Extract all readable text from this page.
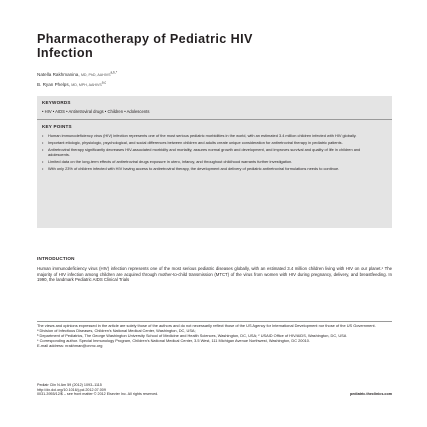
Pharmacotherapy of Pediatric HIV
Infection
Natella Rakhmanina, MD, PhD, $AAHIVS^{a,b,*}$
B. Ryan Phelps, MD, MPH, AAHIVS$^{a,c}$
KEYWORDS
• HIV • AIDS • Antiretroviral drugs • Children • Adolescents
KEY POINTS
• Human immunodeficiency virus (HIV) infection represents one of the most serious pediatric morbidities in the world, with an estimated 3.4 million children infected with HIV globally.
• Important etiologic, physiologic, psychological, and social differences between children and adults create unique consideration for antiretroviral therapy in pediatric patients.
• Antiretroviral therapy significantly decreases HIV-associated morbidity and mortality, assures normal growth and development, and improves survival and quality of life in children and adolescents.
• Limited data on the long-term effects of antiretroviral drugs exposure in utero, infancy, and throughout childhood warrants further investigation.
• With only 23% of children infected with HIV having access to antiretroviral therapy, the development and delivery of pediatric antiretroviral formulations needs to continue.
INTRODUCTION

Human immunodeficiency virus (HIV) infection represents one of the most serious pediatric diseases globally, with an estimated 3.4 million children living with HIV on our planet.¹ The majority of HIV infection among children are acquired through mother-to-child transmission (MTCT) of the virus from women with HIV during pregnancy, delivery, and breastfeeding. In 1990, the landmark Pediatric AIDS Clinical Trials

The views and opinions expressed in the article are solely those of the authors and do not necessarily reflect those of the US Agency for International Development nor those of the US Government.
ᵃ Division of Infectious Diseases, Children's National Medical Center, Washington, DC, USA;
ᵇ Department of Pediatrics, The George Washington University School of Medicine and Health Sciences, Washington, DC, USA; ᶜ USAID Office of HIV/AIDS, Washington, DC, USA
* Corresponding author. Special Immunology Program, Children's National Medical Center, 3.5 West, 111 Michigan Avenue Northwest, Washington, DC 20010.
E-mail address: nrakhman@cnmc.org
Pediatr Clin N Am 59 (2012) 1093–1115
http://dx.doi.org/10.1016/j.pcl.2012.07.009
0031-3955/12/$ – see front matter © 2012 Elsevier Inc. All rights reserved.	pediatric.theclinics.com
